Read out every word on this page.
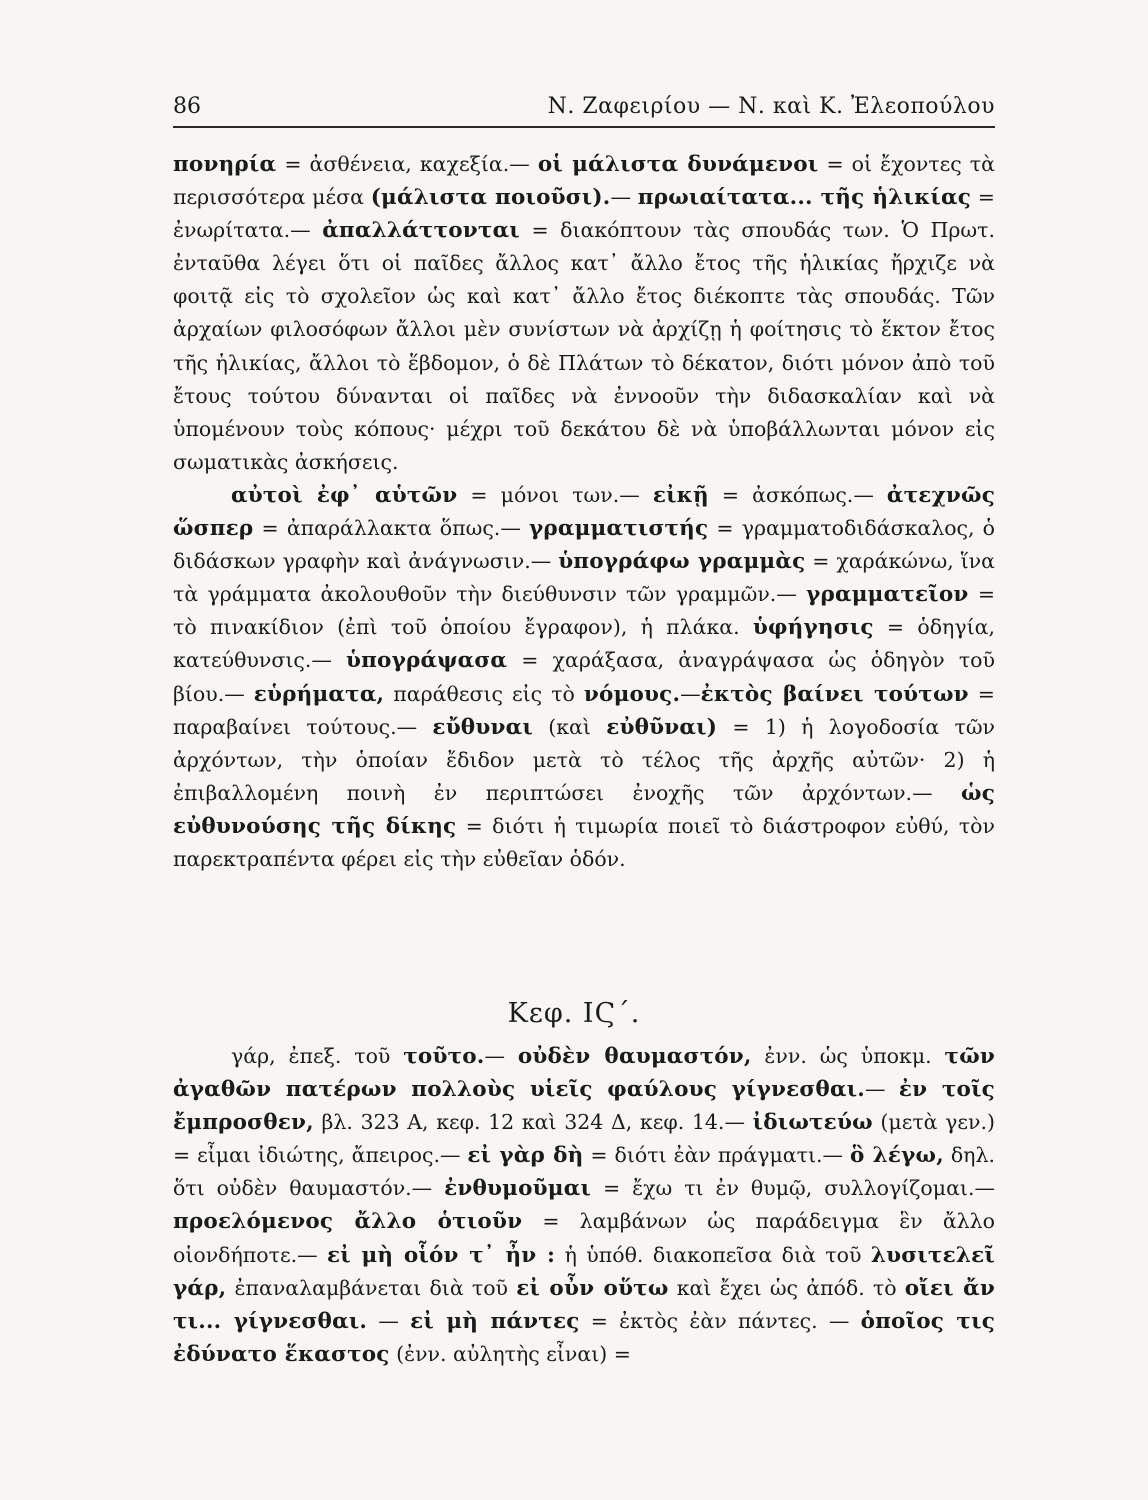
86	Ν. Ζαφειρίου — Ν. καὶ Κ. Ἐλεοπούλου

πονηρία = ἀσθένεια, καχεξία.— οἱ μάλιστα δυνάμενοι = οἱ ἔχοντες τὰ περισσότερα μέσα (μάλιστα ποιοῦσι).— πρωιαίτατα... τῆς ἡλικίας = ἐνωρίτατα.— ἀπαλλάττονται = διακόπτουν τὰς σπουδάς των. Ὁ Πρωτ. ἐνταῦθα λέγει ὅτι οἱ παῖδες ἄλλος κατ᾽ ἄλλο ἔτος τῆς ἡλικίας ἤρχιζε νὰ φοιτᾷ εἰς τὸ σχολεῖον ὡς καὶ κατ᾽ ἄλλο ἔτος διέκοπτε τὰς σπουδάς. Τῶν ἀρχαίων φιλοσόφων ἄλλοι μὲν συνίστων νὰ ἀρχίζῃ ἡ φοίτησις τὸ ἕκτον ἔτος τῆς ἡλικίας, ἄλλοι τὸ ἕβδομον, ὁ δὲ Πλάτων τὸ δέκατον, διότι μόνον ἀπὸ τοῦ ἔτους τούτου δύνανται οἱ παῖδες νὰ ἐννοοῦν τὴν διδασκαλίαν καὶ νὰ ὑπομένουν τοὺς κόπους· μέχρι τοῦ δεκάτου δὲ νὰ ὑποβάλλωνται μόνον εἰς σωματικὰς ἀσκήσεις.

αὐτοὶ ἐφ᾽ αὑτῶν = μόνοι των.— εἰκῇ = ἀσκόπως.— ἀτεχνῶς ὥσπερ = ἀπαράλλακτα ὅπως.— γραμματιστής = γραμματοδιδάσκαλος, ὁ διδάσκων γραφὴν καὶ ἀνάγνωσιν.— ὑπογράφω γραμμὰς = χαράκώνω, ἵνα τὰ γράμματα ἀκολουθοῦν τὴν διεύθυνσιν τῶν γραμμῶν.— γραμματεῖον = τὸ πινακίδιον (ἐπὶ τοῦ ὁποίου ἔγραφον), ἡ πλάκα. ὑφήγησις = ὁδηγία, κατεύθυνσις.— ὑπογράψασα = χαράξασα, ἀναγράψασα ὡς ὁδηγὸν τοῦ βίου.— εὑρήματα, παράθεσις εἰς τὸ νόμους.—ἐκτὸς βαίνει τούτων = παραβαίνει τούτους.— εὔθυναι (καὶ εὐθῦναι) = 1) ἡ λογοδοσία τῶν ἀρχόντων, τὴν ὁποίαν ἔδιδον μετὰ τὸ τέλος τῆς ἀρχῆς αὐτῶν· 2) ἡ ἐπιβαλλομένη ποινὴ ἐν περιπτώσει ἐνοχῆς τῶν ἀρχόντων.— ὡς εὐθυνούσης τῆς δίκης = διότι ἡ τιμωρία ποιεῖ τὸ διάστροφον εὐθύ, τὸν παρεκτραπέντα φέρει εἰς τὴν εὐθεῖαν ὁδόν.

Κεφ. ΙϚ΄.

γάρ, ἐπεξ. τοῦ τοῦτο.— οὐδὲν θαυμαστόν, ἐνν. ὡς ὑποκμ. τῶν ἀγαθῶν πατέρων πολλοὺς υἱεῖς φαύλους γίγνεσθαι.— ἐν τοῖς ἔμπροσθεν, βλ. 323 Α, κεφ. 12 καὶ 324 Δ, κεφ. 14.— ἰδιωτεύω (μετὰ γεν.) = εἶμαι ἰδιώτης, ἄπειρος.— εἰ γὰρ δὴ = διότι ἐὰν πράγματι.— ὃ λέγω, δηλ. ὅτι οὐδὲν θαυμαστόν.— ἐνθυμοῦμαι = ἔχω τι ἐν θυμῷ, συλλογίζομαι.— προελόμενος ἄλλο ὁτιοῦν = λαμβάνων ὡς παράδειγμα ἓν ἄλλο οἱονδήποτε.— εἰ μὴ οἷόν τ᾽ ἦν : ἡ ὑπόθ. διακοπεῖσα διὰ τοῦ λυσιτελεῖ γάρ, ἐπαναλαμβάνεται διὰ τοῦ εἰ οὖν οὕτω καὶ ἔχει ὡς ἀπόδ. τὸ οἴει ἄν τι... γίγνεσθαι. — εἰ μὴ πάντες = ἐκτὸς ἐὰν πάντες. — ὁποῖος τις ἐδύνατο ἕκαστος (ἐνν. αὐλητὴς εἶναι) =
